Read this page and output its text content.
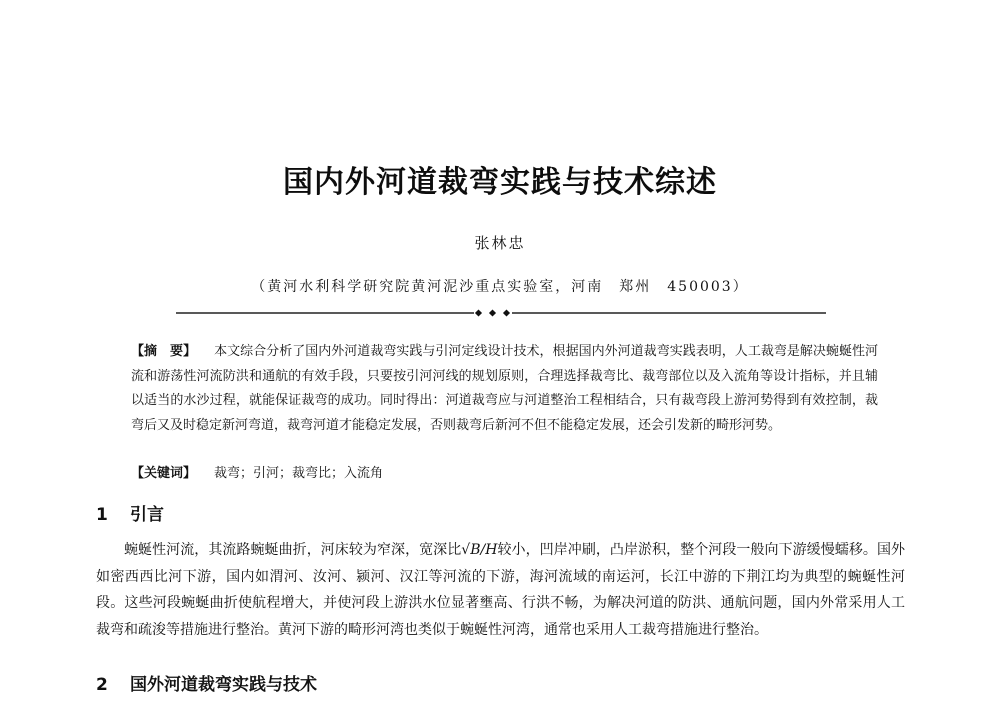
国内外河道裁弯实践与技术综述
张林忠
（黄河水利科学研究院黄河泥沙重点实验室，河南　郑州　450003）

【摘　要】 本文综合分析了国内外河道裁弯实践与引河定线设计技术，根据国内外河道裁弯实践表明，人工裁弯是解决蜿蜒性河流和游荡性河流防洪和通航的有效手段，只要按引河河线的规划原则，合理选择裁弯比、裁弯部位以及入流角等设计指标，并且辅以适当的水沙过程，就能保证裁弯的成功。同时得出：河道裁弯应与河道整治工程相结合，只有裁弯段上游河势得到有效控制，裁弯后又及时稳定新河弯道，裁弯河道才能稳定发展，否则裁弯后新河不但不能稳定发展，还会引发新的畸形河势。

【关键词】 裁弯；引河；裁弯比；入流角
1 引言

蜿蜒性河流，其流路蜿蜒曲折，河床较为窄深，宽深比√B/H较小，凹岸冲刷，凸岸淤积，整个河段一般向下游缓慢蠕移。国外如密西西比河下游，国内如渭河、汝河、颍河、汉江等河流的下游，海河流域的南运河，长江中游的下荆江均为典型的蜿蜒性河段。这些河段蜿蜒曲折使航程增大，并使河段上游洪水位显著壅高、行洪不畅，为解决河道的防洪、通航问题，国内外常采用人工裁弯和疏浚等措施进行整治。黄河下游的畸形河湾也类似于蜿蜒性河湾，通常也采用人工裁弯措施进行整治。

2 国外河道裁弯实践与技术
